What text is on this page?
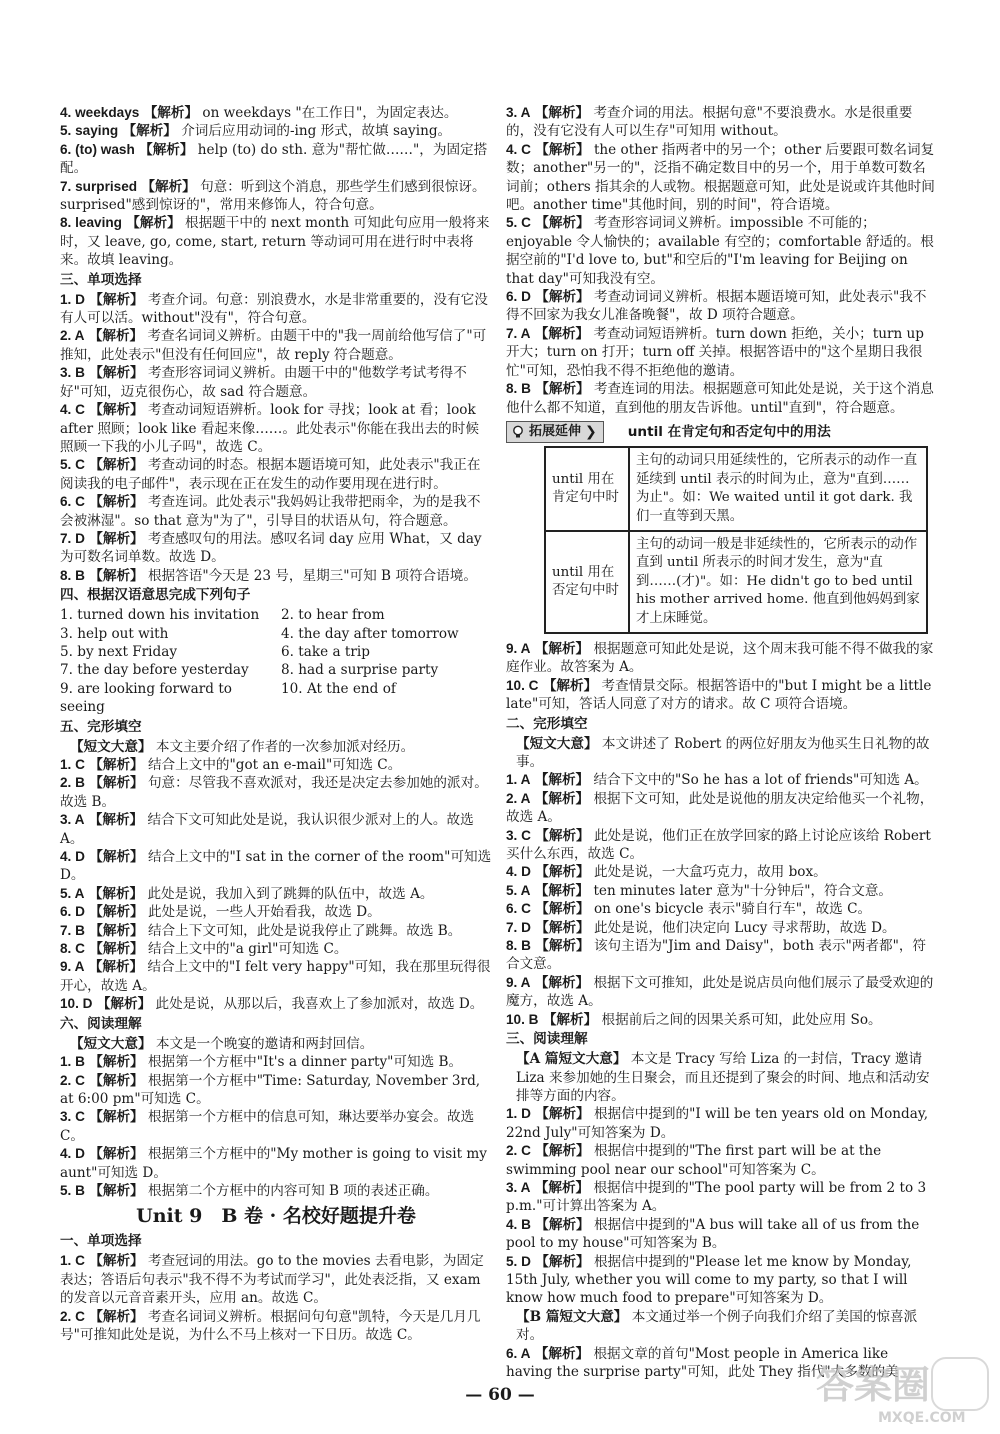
4. weekdays 【解析】 on weekdays "在工作日"，为固定表达。

5. saying 【解析】 介词后应用动词的-ing 形式，故填 saying。

6. (to) wash 【解析】 help (to) do sth. 意为"帮忙做……"，为固定搭配。

7. surprised 【解析】 句意：听到这个消息，那些学生们感到很惊讶。surprised"感到惊讶的"，常用来修饰人，符合句意。

8. leaving 【解析】 根据题干中的 next month 可知此句应用一般将来时，又 leave, go, come, start, return 等动词可用在进行时中表将来。故填 leaving。

三、单项选择

1. D 【解析】 考查介词。句意：别浪费水，水是非常重要的，没有它没有人可以活。without"没有"，符合句意。

2. A 【解析】 考查名词词义辨析。由题干中的"我一周前给他写信了"可推知，此处表示"但没有任何回应"，故 reply 符合题意。

3. B 【解析】 考查形容词词义辨析。由题干中的"他数学考试考得不好"可知，迈克很伤心，故 sad 符合题意。

4. C 【解析】 考查动词短语辨析。look for 寻找；look at 看；look after 照顾；look like 看起来像……。此处表示"你能在我出去的时候照顾一下我的小儿子吗"，故选 C。

5. C 【解析】 考查动词的时态。根据本题语境可知，此处表示"我正在阅读我的电子邮件"，表示现在正在发生的动作要用现在进行时。

6. C 【解析】 考查连词。此处表示"我妈妈让我带把雨伞，为的是我不会被淋湿"。so that 意为"为了"，引导目的状语从句，符合题意。

7. D 【解析】 考查感叹句的用法。感叹名词 day 应用 What，又 day 为可数名词单数。故选 D。

8. B 【解析】 根据答语"今天是 23 号，星期三"可知 B 项符合语境。

四、根据汉语意思完成下列句子
1. turned down his invitation	2. to hear from
3. help out with	4. the day after tomorrow
5. by next Friday	6. take a trip
7. the day before yesterday	8. had a surprise party
9. are looking forward to seeing
10. At the end of
五、完形填空

【短文大意】 本文主要介绍了作者的一次参加派对经历。

1. C 【解析】 结合上文中的"got an e-mail"可知选 C。

2. B 【解析】 句意：尽管我不喜欢派对，我还是决定去参加她的派对。故选 B。

3. A 【解析】 结合下文可知此处是说，我认识很少派对上的人。故选 A。

4. D 【解析】 结合上文中的"I sat in the corner of the room"可知选 D。

5. A 【解析】 此处是说，我加入到了跳舞的队伍中，故选 A。

6. D 【解析】 此处是说，一些人开始看我，故选 D。

7. B 【解析】 结合上下文可知，此处是说我停止了跳舞。故选 B。

8. C 【解析】 结合上文中的"a girl"可知选 C。

9. A 【解析】 结合上文中的"I felt very happy"可知，我在那里玩得很开心，故选 A。

10. D 【解析】 此处是说，从那以后，我喜欢上了参加派对，故选 D。

六、阅读理解

【短文大意】 本文是一个晚宴的邀请和两封回信。

1. B 【解析】 根据第一个方框中"It's a dinner party"可知选 B。

2. C 【解析】 根据第一个方框中"Time: Saturday, November 3rd, at 6:00 pm"可知选 C。

3. C 【解析】 根据第一个方框中的信息可知，琳达要举办宴会。故选 C。

4. D 【解析】 根据第三个方框中的"My mother is going to visit my aunt"可知选 D。

5. B 【解析】 根据第二个方框中的内容可知 B 项的表述正确。

Unit 9　B 卷 · 名校好题提升卷
一、单项选择

1. C 【解析】 考查冠词的用法。go to the movies 去看电影，为固定表达；答语后句表示"我不得不为考试而学习"，此处表泛指，又 exam 的发音以元音音素开头，应用 an。故选 C。

2. C 【解析】 考查名词词义辨析。根据问句句意"凯特，今天是几月几号"可推知此处是说，为什么不马上核对一下日历。故选 C。

3. A 【解析】 考查介词的用法。根据句意"不要浪费水。水是很重要的，没有它没有人可以生存"可知用 without。

4. C 【解析】 the other 指两者中的另一个；other 后要跟可数名词复数；another"另一的"，泛指不确定数目中的另一个，用于单数可数名词前；others 指其余的人或物。根据题意可知，此处是说或许其他时间吧。another time"其他时间，别的时间"，符合语境。

5. C 【解析】 考查形容词词义辨析。impossible 不可能的；enjoyable 令人愉快的；available 有空的；comfortable 舒适的。根据空前的"I'd love to, but"和空后的"I'm leaving for Beijing on that day"可知我没有空。

6. D 【解析】 考查动词词义辨析。根据本题语境可知，此处表示"我不得不回家为我女儿准备晚餐"，故 D 项符合题意。

7. A 【解析】 考查动词短语辨析。turn down 拒绝，关小；turn up 开大；turn on 打开；turn off 关掉。根据答语中的"这个星期日我很忙"可知，恐怕我不得不拒绝他的邀请。

8. B 【解析】 考查连词的用法。根据题意可知此处是说，关于这个消息他什么都不知道，直到他的朋友告诉他。until"直到"，符合题意。

拓展延伸 ❯ until 在肯定句和否定句中的用法
until 用在肯定句中时	主句的动词只用延续性的，它所表示的动作一直延续到 until 表示的时间为止，意为"直到……为止"。如：We waited until it got dark. 我们一直等到天黑。
until 用在否定句中时	主句的动词一般是非延续性的，它所表示的动作直到 until 所表示的时间才发生，意为"直到……(才)"。如：He didn't go to bed until his mother arrived home. 他直到他妈妈到家才上床睡觉。

9. A 【解析】 根据题意可知此处是说，这个周末我可能不得不做我的家庭作业。故答案为 A。

10. C 【解析】 考查情景交际。根据答语中的"but I might be a little late"可知，答话人同意了对方的请求。故 C 项符合语境。

二、完形填空

【短文大意】 本文讲述了 Robert 的两位好朋友为他买生日礼物的故事。

1. A 【解析】 结合下文中的"So he has a lot of friends"可知选 A。

2. A 【解析】 根据下文可知，此处是说他的朋友决定给他买一个礼物，故选 A。

3. C 【解析】 此处是说，他们正在放学回家的路上讨论应该给 Robert 买什么东西，故选 C。

4. D 【解析】 此处是说，一大盒巧克力，故用 box。

5. A 【解析】 ten minutes later 意为"十分钟后"，符合文意。

6. C 【解析】 on one's bicycle 表示"骑自行车"，故选 C。

7. D 【解析】 此处是说，他们决定向 Lucy 寻求帮助，故选 D。

8. B 【解析】 该句主语为"Jim and Daisy"，both 表示"两者都"，符合文意。

9. A 【解析】 根据下文可推知，此处是说店员向他们展示了最受欢迎的魔方，故选 A。

10. B 【解析】 根据前后之间的因果关系可知，此处应用 So。

三、阅读理解

【A 篇短文大意】 本文是 Tracy 写给 Liza 的一封信，Tracy 邀请 Liza 来参加她的生日聚会，而且还提到了聚会的时间、地点和活动安排等方面的内容。

1. D 【解析】 根据信中提到的"I will be ten years old on Monday, 22nd July"可知答案为 D。

2. C 【解析】 根据信中提到的"The first part will be at the swimming pool near our school"可知答案为 C。

3. A 【解析】 根据信中提到的"The pool party will be from 2 to 3 p.m."可计算出答案为 A。

4. B 【解析】 根据信中提到的"A bus will take all of us from the pool to my house"可知答案为 B。

5. D 【解析】 根据信中提到的"Please let me know by Monday, 15th July, whether you will come to my party, so that I will know how much food to prepare"可知答案为 D。

【B 篇短文大意】 本文通过举一个例子向我们介绍了美国的惊喜派对。

6. A 【解析】 根据文章的首句"Most people in America like having the surprise party"可知，此处 They 指代"大多数的美

— 60 —	答案圈
MXQE.COM
